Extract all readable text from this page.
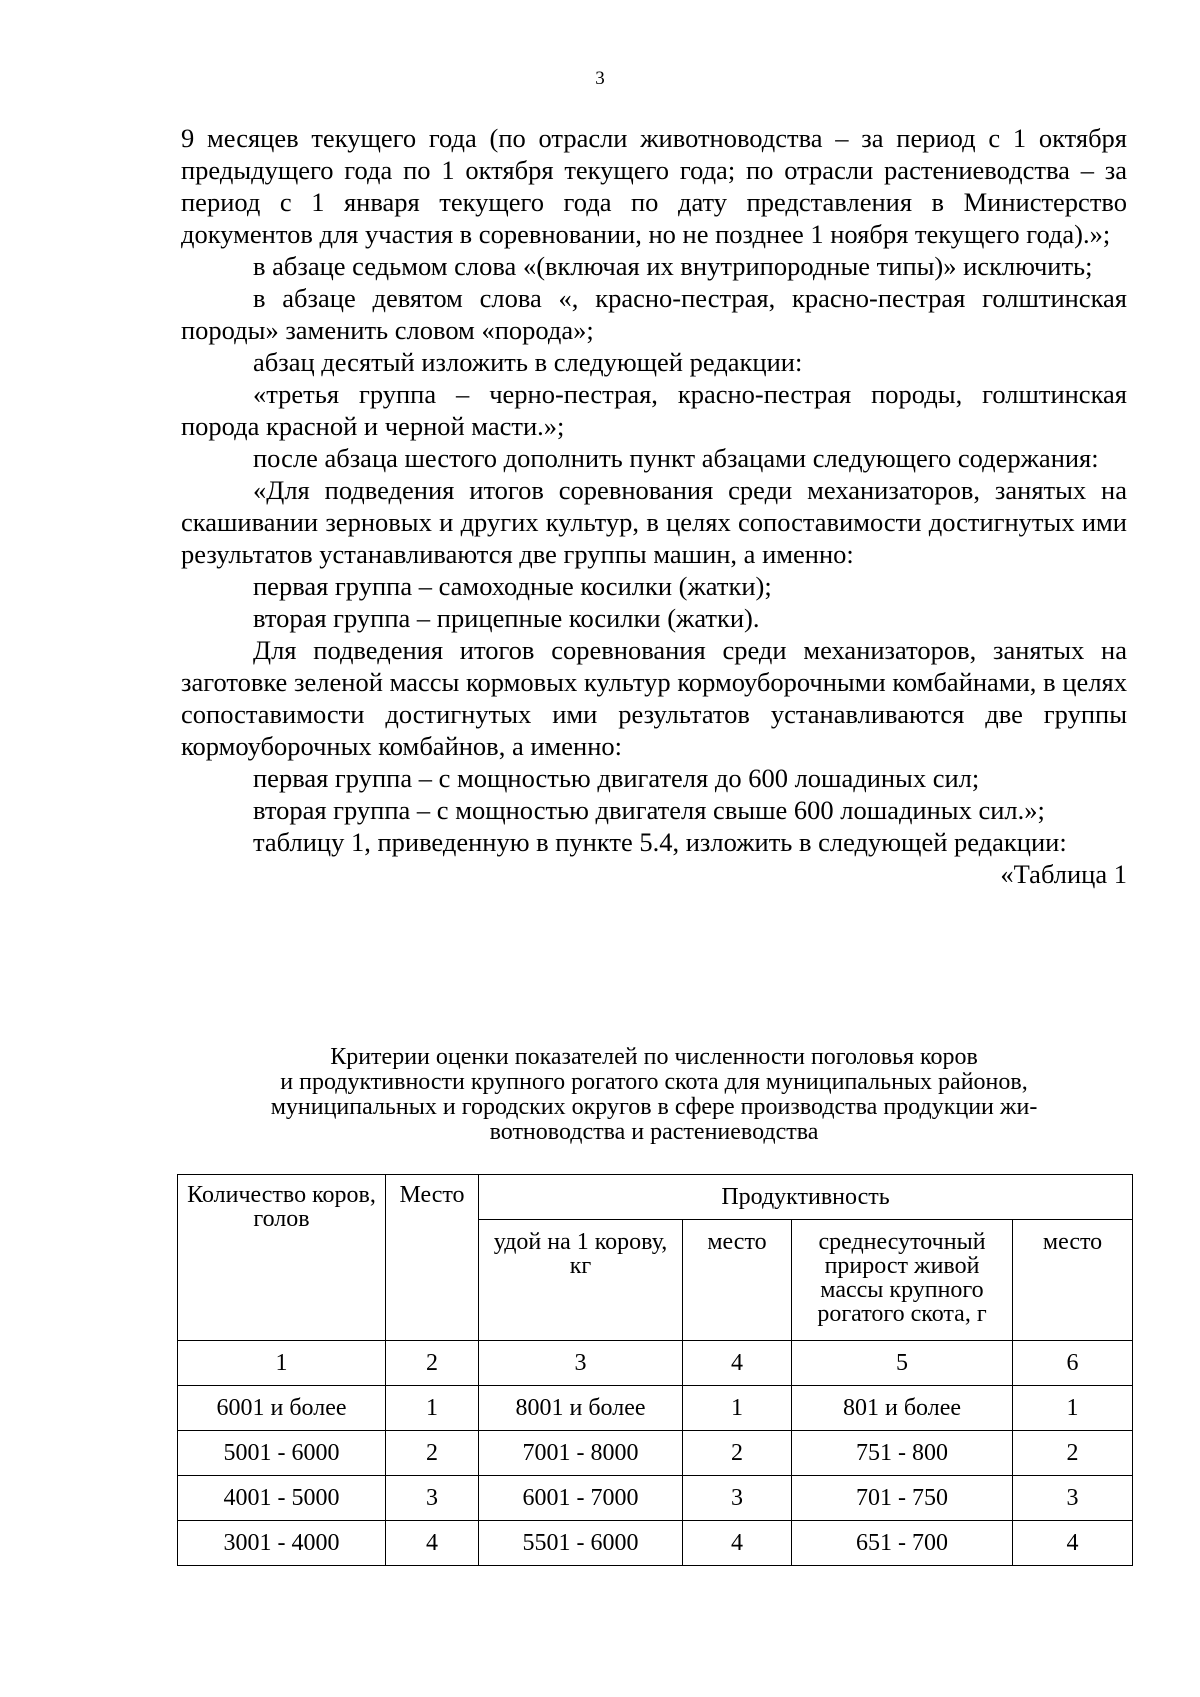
3

9 месяцев текущего года (по отрасли животноводства – за период с 1 октября предыдущего года по 1 октября текущего года; по отрасли растениеводства – за период с 1 января текущего года по дату представления в Министерство документов для участия в соревновании, но не позднее 1 ноября текущего года).»;

в абзаце седьмом слова «(включая их внутрипородные типы)» исключить;

в абзаце девятом слова «, красно-пестрая, красно-пестрая голштинская породы» заменить словом «порода»;

абзац десятый изложить в следующей редакции:

«третья группа – черно-пестрая, красно-пестрая породы, голштинская порода красной и черной масти.»;

после абзаца шестого дополнить пункт абзацами следующего содержания:

«Для подведения итогов соревнования среди механизаторов, занятых на скашивании зерновых и других культур, в целях сопоставимости достигнутых ими результатов устанавливаются две группы машин, а именно:

первая группа – самоходные косилки (жатки);

вторая группа – прицепные косилки (жатки).

Для подведения итогов соревнования среди механизаторов, занятых на заготовке зеленой массы кормовых культур кормоуборочными комбайнами, в целях сопоставимости достигнутых ими результатов устанавливаются две группы кормоуборочных комбайнов, а именно:

первая группа – с мощностью двигателя до 600 лошадиных сил;

вторая группа – с мощностью двигателя свыше 600 лошадиных сил.»;

таблицу 1, приведенную в пункте 5.4, изложить в следующей редакции:

«Таблица 1

Критерии оценки показателей по численности поголовья коров
и продуктивности крупного рогатого скота для муниципальных районов,
муниципальных и городских округов в сфере производства продукции жи-
вотноводства и растениеводства
Количество коров, голов	Место	Продуктивность			
		удой на 1 корову, кг	место	среднесуточный прирост живой массы крупного рогатого скота, г	место
1	2	3	4	5	6
6001 и более	1	8001 и более	1	801 и более	1
5001 - 6000	2	7001 - 8000	2	751 - 800	2
4001 - 5000	3	6001 - 7000	3	701 - 750	3
3001 - 4000	4	5501 - 6000	4	651 - 700	4
